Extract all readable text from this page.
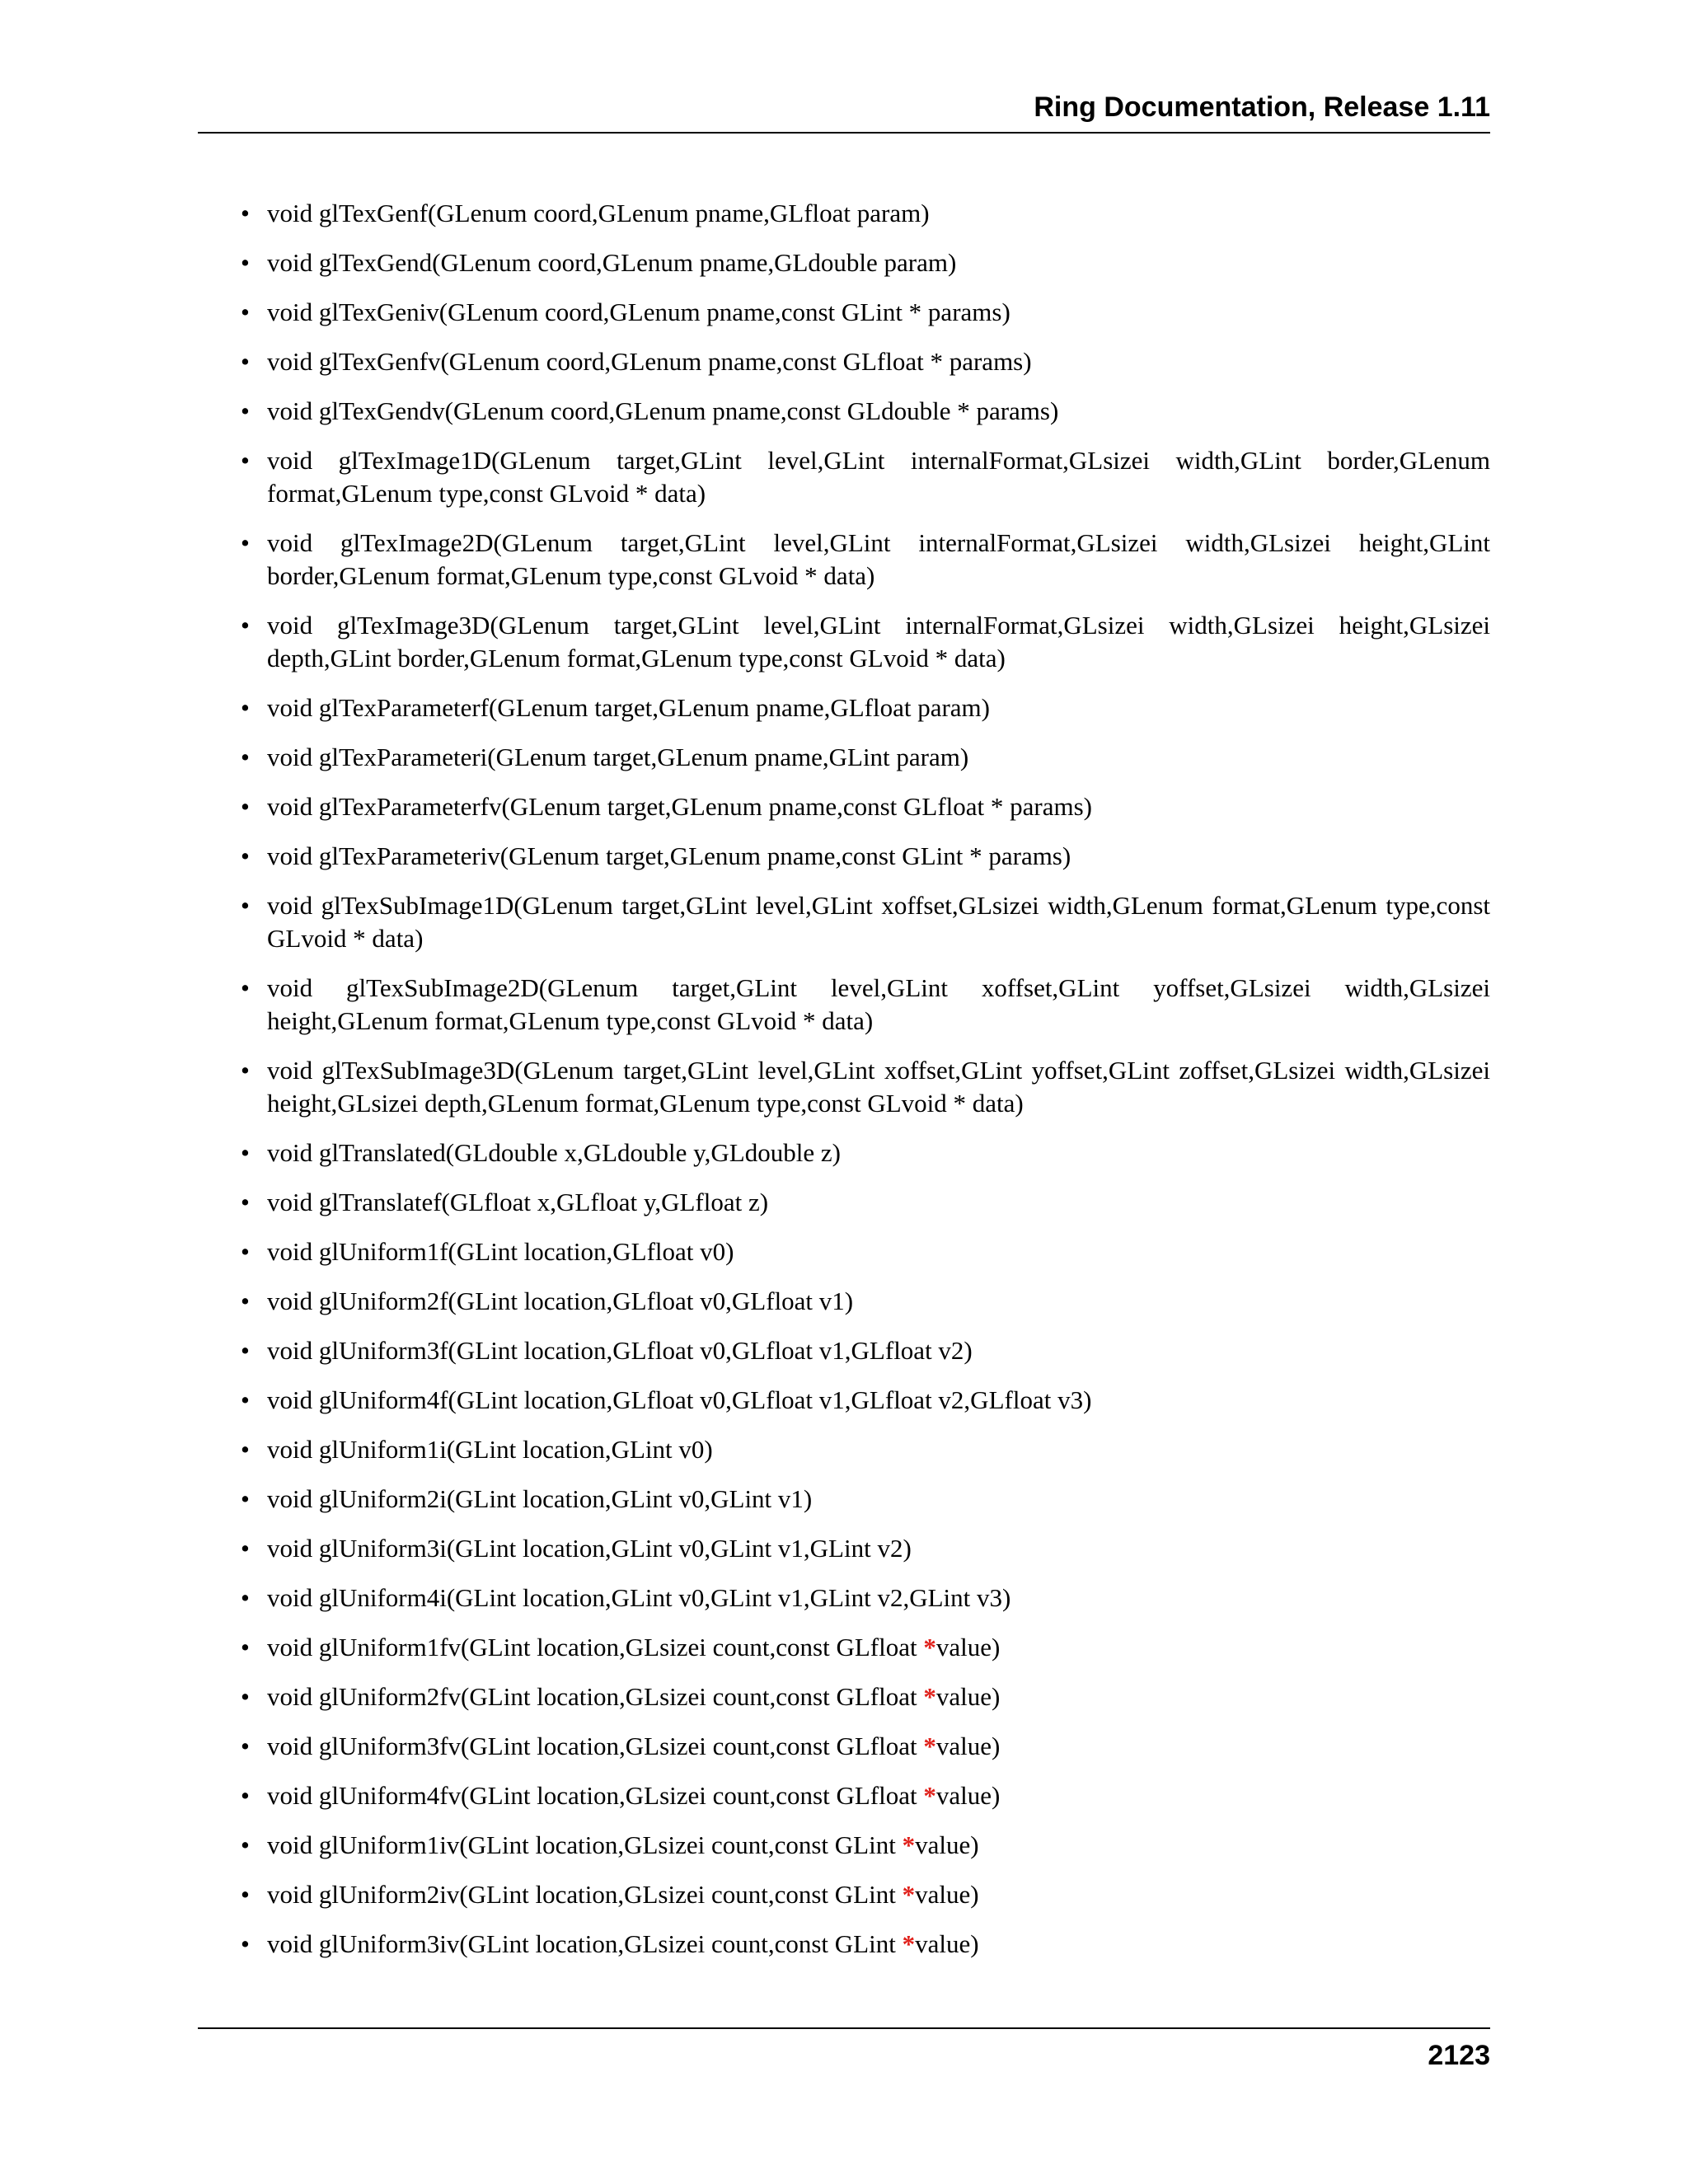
Ring Documentation, Release 1.11
• void glTexGenf(GLenum coord,GLenum pname,GLfloat param)
• void glTexGend(GLenum coord,GLenum pname,GLdouble param)
• void glTexGeniv(GLenum coord,GLenum pname,const GLint * params)
• void glTexGenfv(GLenum coord,GLenum pname,const GLfloat * params)
• void glTexGendv(GLenum coord,GLenum pname,const GLdouble * params)
• void glTexImage1D(GLenum target,GLint level,GLint internalFormat,GLsizei width,GLint border,GLenum format,GLenum type,const GLvoid * data)
• void glTexImage2D(GLenum target,GLint level,GLint internalFormat,GLsizei width,GLsizei height,GLint border,GLenum format,GLenum type,const GLvoid * data)
• void glTexImage3D(GLenum target,GLint level,GLint internalFormat,GLsizei width,GLsizei height,GLsizei depth,GLint border,GLenum format,GLenum type,const GLvoid * data)
• void glTexParameterf(GLenum target,GLenum pname,GLfloat param)
• void glTexParameteri(GLenum target,GLenum pname,GLint param)
• void glTexParameterfv(GLenum target,GLenum pname,const GLfloat * params)
• void glTexParameteriv(GLenum target,GLenum pname,const GLint * params)
• void glTexSubImage1D(GLenum target,GLint level,GLint xoffset,GLsizei width,GLenum format,GLenum type,const GLvoid * data)
• void glTexSubImage2D(GLenum target,GLint level,GLint xoffset,GLint yoffset,GLsizei width,GLsizei height,GLenum format,GLenum type,const GLvoid * data)
• void glTexSubImage3D(GLenum target,GLint level,GLint xoffset,GLint yoffset,GLint zoffset,GLsizei width,GLsizei height,GLsizei depth,GLenum format,GLenum type,const GLvoid * data)
• void glTranslated(GLdouble x,GLdouble y,GLdouble z)
• void glTranslatef(GLfloat x,GLfloat y,GLfloat z)
• void glUniform1f(GLint location,GLfloat v0)
• void glUniform2f(GLint location,GLfloat v0,GLfloat v1)
• void glUniform3f(GLint location,GLfloat v0,GLfloat v1,GLfloat v2)
• void glUniform4f(GLint location,GLfloat v0,GLfloat v1,GLfloat v2,GLfloat v3)
• void glUniform1i(GLint location,GLint v0)
• void glUniform2i(GLint location,GLint v0,GLint v1)
• void glUniform3i(GLint location,GLint v0,GLint v1,GLint v2)
• void glUniform4i(GLint location,GLint v0,GLint v1,GLint v2,GLint v3)
• void glUniform1fv(GLint location,GLsizei count,const GLfloat *value)
• void glUniform2fv(GLint location,GLsizei count,const GLfloat *value)
• void glUniform3fv(GLint location,GLsizei count,const GLfloat *value)
• void glUniform4fv(GLint location,GLsizei count,const GLfloat *value)
• void glUniform1iv(GLint location,GLsizei count,const GLint *value)
• void glUniform2iv(GLint location,GLsizei count,const GLint *value)
• void glUniform3iv(GLint location,GLsizei count,const GLint *value)
2123
